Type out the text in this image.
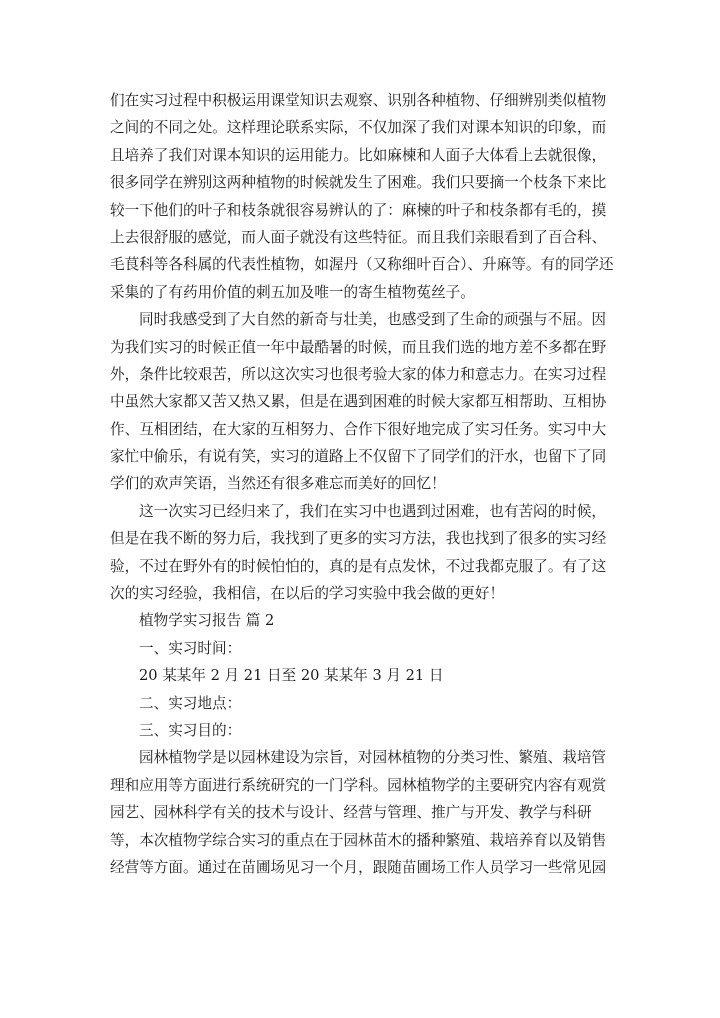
们在实习过程中积极运用课堂知识去观察、识别各种植物、仔细辨别类似植物
之间的不同之处。这样理论联系实际，不仅加深了我们对课本知识的印象，而
且培养了我们对课本知识的运用能力。比如麻楝和人面子大体看上去就很像，
很多同学在辨别这两种植物的时候就发生了困难。我们只要摘一个枝条下来比
较一下他们的叶子和枝条就很容易辨认的了：麻楝的叶子和枝条都有毛的，摸
上去很舒服的感觉，而人面子就没有这些特征。而且我们亲眼看到了百合科、
毛茛科等各科属的代表性植物，如渥丹（又称细叶百合）、升麻等。有的同学还
采集的了有药用价值的刺五加及唯一的寄生植物菟丝子。
同时我感受到了大自然的新奇与壮美，也感受到了生命的顽强与不屈。因
为我们实习的时候正值一年中最酷暑的时候，而且我们选的地方差不多都在野
外，条件比较艰苦，所以这次实习也很考验大家的体力和意志力。在实习过程
中虽然大家都又苦又热又累，但是在遇到困难的时候大家都互相帮助、互相协
作、互相团结，在大家的互相努力、合作下很好地完成了实习任务。实习中大
家忙中偷乐，有说有笑，实习的道路上不仅留下了同学们的汗水，也留下了同
学们的欢声笑语，当然还有很多难忘而美好的回忆！
这一次实习已经归来了，我们在实习中也遇到过困难，也有苦闷的时候，
但是在我不断的努力后，我找到了更多的实习方法，我也找到了很多的实习经
验，不过在野外有的时候怕怕的，真的是有点发怵，不过我都克服了。有了这
次的实习经验，我相信，在以后的学习实验中我会做的更好！
植物学实习报告 篇 2
一、实习时间：
20 某某年 2 月 21 日至 20 某某年 3 月 21 日
二、实习地点：
三、实习目的：
园林植物学是以园林建设为宗旨，对园林植物的分类习性、繁殖、栽培管
理和应用等方面进行系统研究的一门学科。园林植物学的主要研究内容有观赏
园艺、园林科学有关的技术与设计、经营与管理、推广与开发、教学与科研
等，本次植物学综合实习的重点在于园林苗木的播种繁殖、栽培养育以及销售
经营等方面。通过在苗圃场见习一个月，跟随苗圃场工作人员学习一些常见园
